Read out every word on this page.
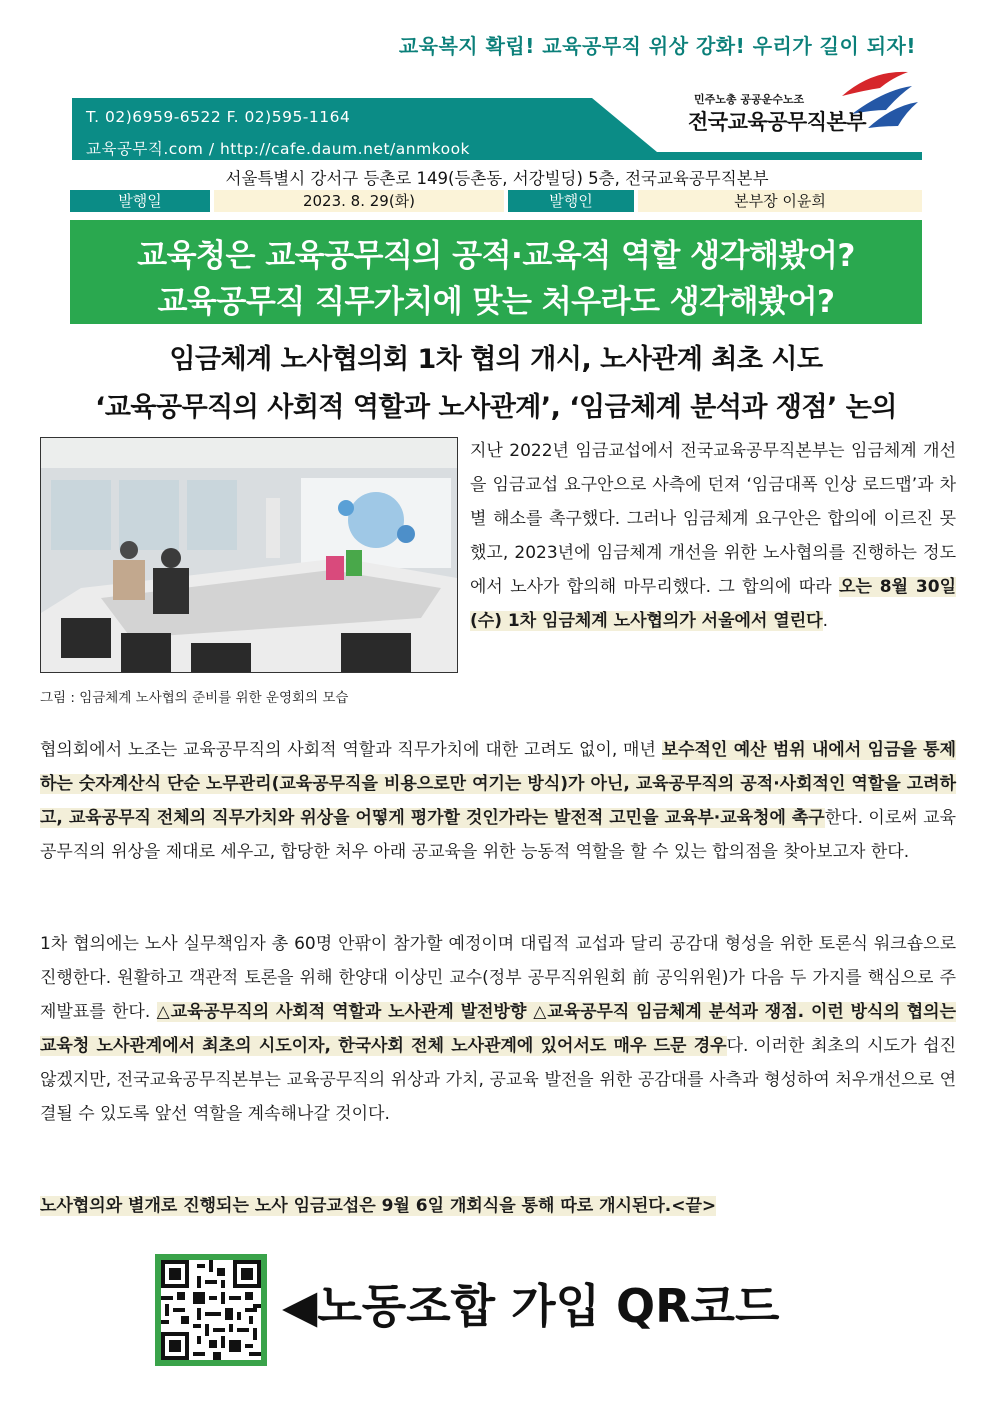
교육복지 확립! 교육공무직 위상 강화! 우리가 길이 되자!
T. 02)6959-6522 F. 02)595-1164
교육공무직.com / http://cafe.daum.net/anmkook
민주노총 공공운수노조
전국교육공무직본부
서울특별시 강서구 등촌로 149(등촌동, 서강빌딩) 5층, 전국교육공무직본부
발행일	2023. 8. 29(화)	발행인	본부장 이윤희
교육청은 교육공무직의 공적·교육적 역할 생각해봤어?
교육공무직 직무가치에 맞는 처우라도 생각해봤어?
임금체계 노사협의회 1차 협의 개시, 노사관계 최초 시도
‘교육공무직의 사회적 역할과 노사관계’, ‘임금체계 분석과 쟁점’ 논의
그림 : 임금체계 노사협의 준비를 위한 운영회의 모습
지난 2022년 임금교섭에서 전국교육공무직본부는 임금체계 개선을 임금교섭 요구안으로 사측에 던져 ‘임금대폭 인상 로드맵’과 차별 해소를 촉구했다. 그러나 임금체계 요구안은 합의에 이르진 못했고, 2023년에 임금체계 개선을 위한 노사협의를 진행하는 정도에서 노사가 합의해 마무리했다. 그 합의에 따라 오는 8월 30일(수) 1차 임금체계 노사협의가 서울에서 열린다.
협의회에서 노조는 교육공무직의 사회적 역할과 직무가치에 대한 고려도 없이, 매년 보수적인 예산 범위 내에서 임금을 통제하는 숫자계산식 단순 노무관리(교육공무직을 비용으로만 여기는 방식)가 아닌, 교육공무직의 공적·사회적인 역할을 고려하고, 교육공무직 전체의 직무가치와 위상을 어떻게 평가할 것인가라는 발전적 고민을 교육부·교육청에 촉구한다. 이로써 교육공무직의 위상을 제대로 세우고, 합당한 처우 아래 공교육을 위한 능동적 역할을 할 수 있는 합의점을 찾아보고자 한다.
1차 협의에는 노사 실무책임자 총 60명 안팎이 참가할 예정이며 대립적 교섭과 달리 공감대 형성을 위한 토론식 워크숍으로 진행한다. 원활하고 객관적 토론을 위해 한양대 이상민 교수(정부 공무직위원회 前 공익위원)가 다음 두 가지를 핵심으로 주제발표를 한다. △교육공무직의 사회적 역할과 노사관계 발전방향 △교육공무직 임금체계 분석과 쟁점. 이런 방식의 협의는 교육청 노사관계에서 최초의 시도이자, 한국사회 전체 노사관계에 있어서도 매우 드문 경우다. 이러한 최초의 시도가 쉽진 않겠지만, 전국교육공무직본부는 교육공무직의 위상과 가치, 공교육 발전을 위한 공감대를 사측과 형성하여 처우개선으로 연결될 수 있도록 앞선 역할을 계속해나갈 것이다.
노사협의와 별개로 진행되는 노사 임금교섭은 9월 6일 개회식을 통해 따로 개시된다.<끝>
◀노동조합 가입 QR코드
